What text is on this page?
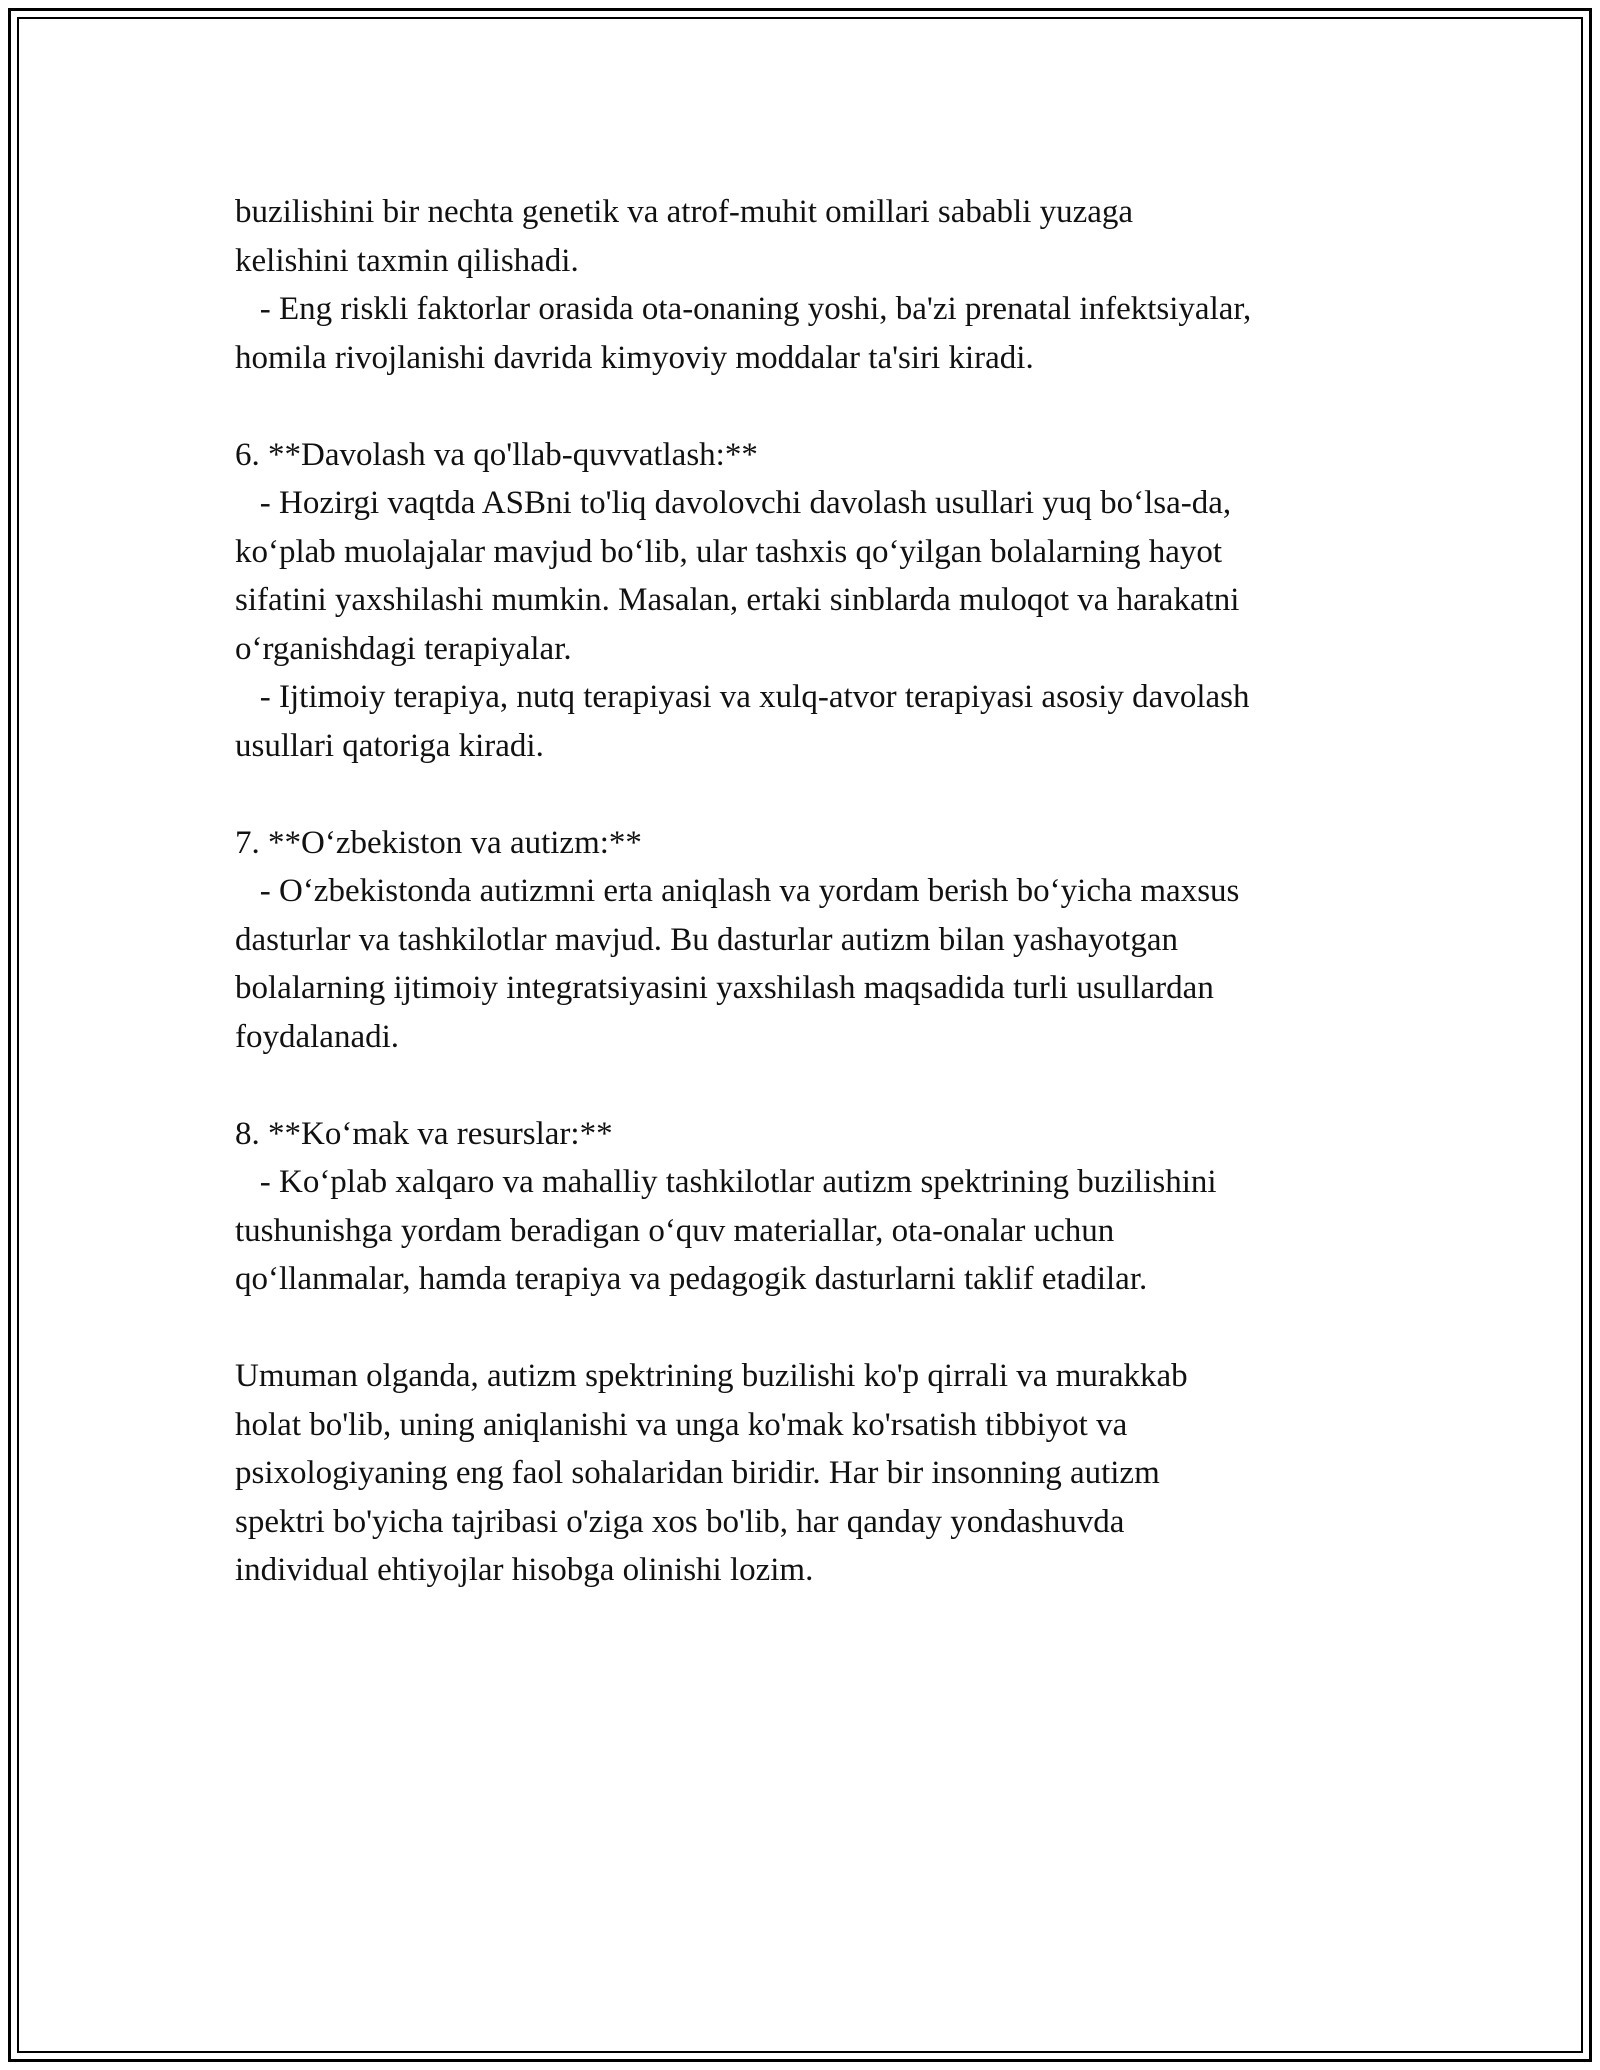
buzilishini bir nechta genetik va atrof-muhit omillari sababli yuzaga
kelishini taxmin qilishadi.
- Eng riskli faktorlar orasida ota-onaning yoshi, ba'zi prenatal infektsiyalar,
homila rivojlanishi davrida kimyoviy moddalar ta'siri kiradi.
6. **Davolash va qo'llab-quvvatlash:**
- Hozirgi vaqtda ASBni to'liq davolovchi davolash usullari yuq bo‘lsa-da,
ko‘plab muolajalar mavjud bo‘lib, ular tashxis qo‘yilgan bolalarning hayot
sifatini yaxshilashi mumkin. Masalan, ertaki sinblarda muloqot va harakatni
o‘rganishdagi terapiyalar.
- Ijtimoiy terapiya, nutq terapiyasi va xulq-atvor terapiyasi asosiy davolash
usullari qatoriga kiradi.
7. **O‘zbekiston va autizm:**
- O‘zbekistonda autizmni erta aniqlash va yordam berish bo‘yicha maxsus
dasturlar va tashkilotlar mavjud. Bu dasturlar autizm bilan yashayotgan
bolalarning ijtimoiy integratsiyasini yaxshilash maqsadida turli usullardan
foydalanadi.
8. **Ko‘mak va resurslar:**
- Ko‘plab xalqaro va mahalliy tashkilotlar autizm spektrining buzilishini
tushunishga yordam beradigan o‘quv materiallar, ota-onalar uchun
qo‘llanmalar, hamda terapiya va pedagogik dasturlarni taklif etadilar.
Umuman olganda, autizm spektrining buzilishi ko'p qirrali va murakkab
holat bo'lib, uning aniqlanishi va unga ko'mak ko'rsatish tibbiyot va
psixologiyaning eng faol sohalaridan biridir. Har bir insonning autizm
spektri bo'yicha tajribasi o'ziga xos bo'lib, har qanday yondashuvda
individual ehtiyojlar hisobga olinishi lozim.
